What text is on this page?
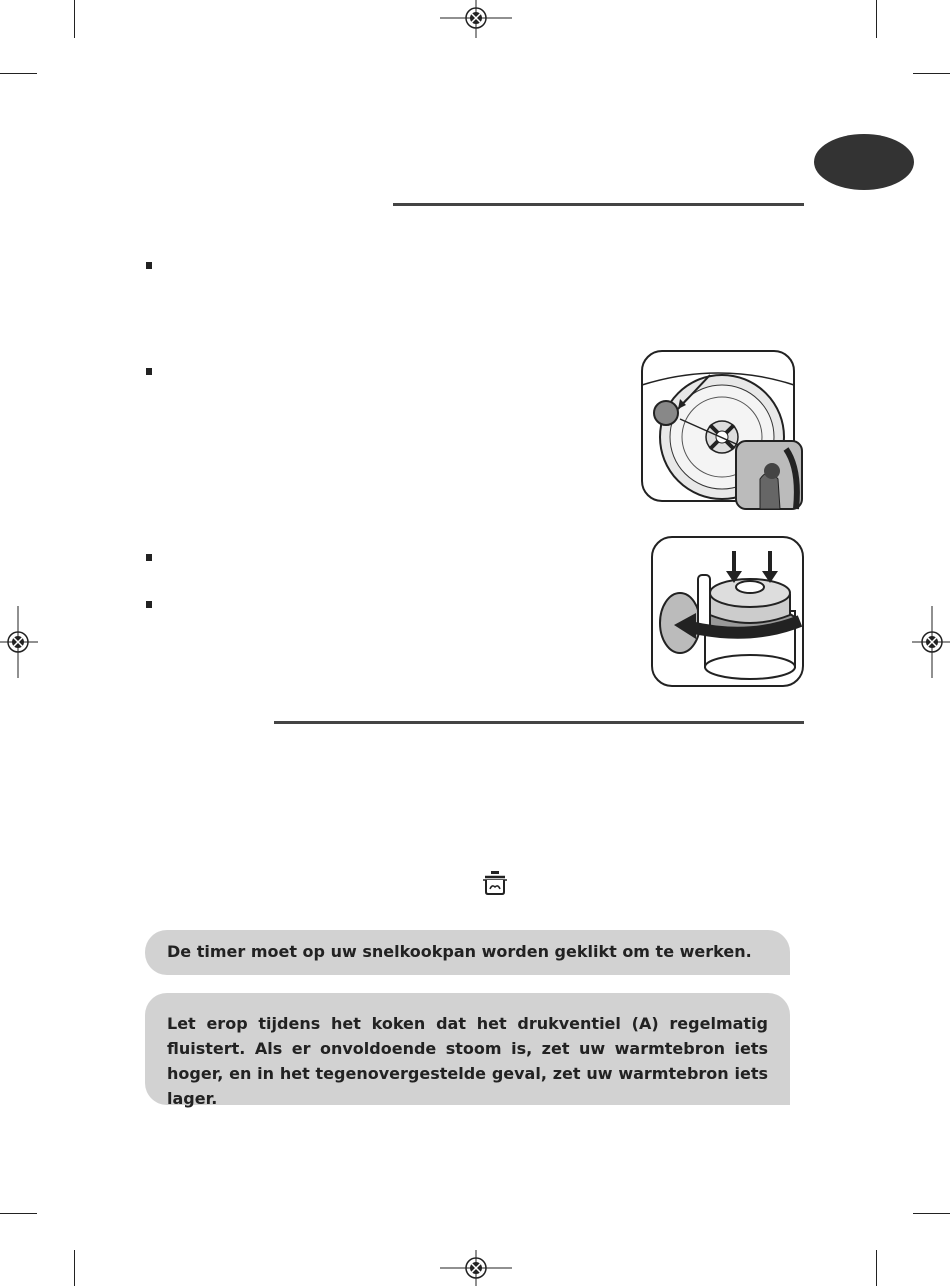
De timer moet op uw snelkookpan worden geklikt om te werken.

Let erop tijdens het koken dat het drukventiel (A) regelmatig fluistert. Als er onvoldoende stoom is, zet uw warmtebron iets hoger, en in het tegenovergestelde geval, zet uw warmtebron iets lager.
